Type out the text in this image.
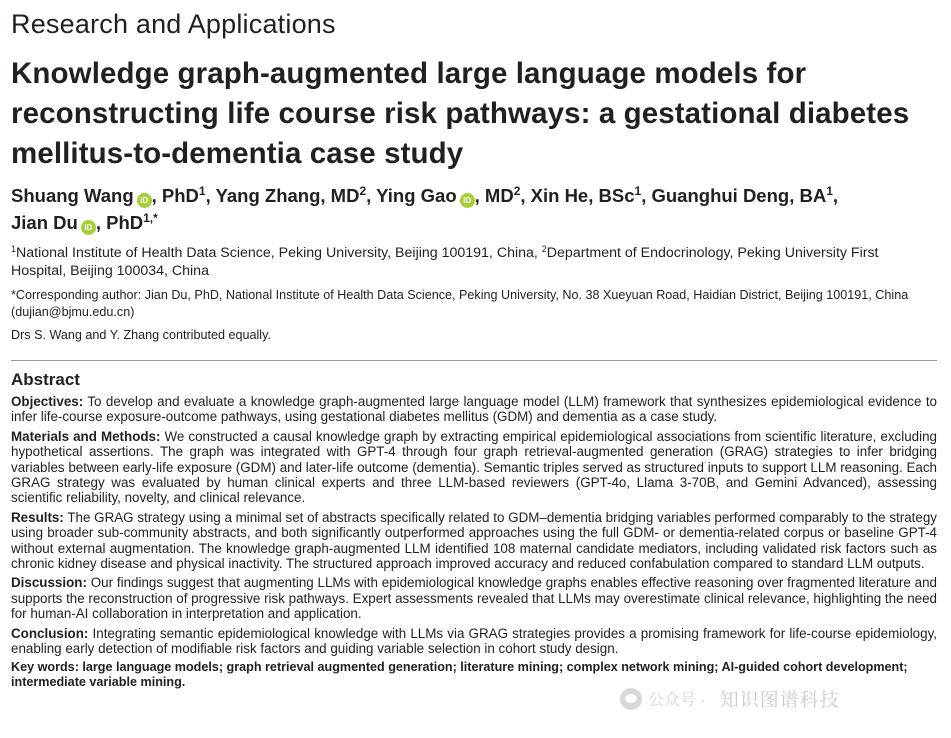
Research and Applications
Knowledge graph-augmented large language models for reconstructing life course risk pathways: a gestational diabetes mellitus-to-dementia case study
Shuang Wang iD , PhD$^1$, Yang Zhang, $MD^2$, Ying Gao iD , $MD^2$, Xin He, BSc$^1$, Guanghui Deng, $BA^1$,
Jian Du iD , PhD$^{1,*}$
$^1$National Institute of Health Data Science, Peking University, Beijing 100191, China, $^2$Department of Endocrinology, Peking University First Hospital, Beijing 100034, China
*Corresponding author: Jian Du, PhD, National Institute of Health Data Science, Peking University, No. 38 Xueyuan Road, Haidian District, Beijing 100191, China (dujian@bjmu.edu.cn)
Drs S. Wang and Y. Zhang contributed equally.
Abstract

Objectives: To develop and evaluate a knowledge graph-augmented large language model (LLM) framework that synthesizes epidemiological evidence to infer life-course exposure-outcome pathways, using gestational diabetes mellitus (GDM) and dementia as a case study.

Materials and Methods: We constructed a causal knowledge graph by extracting empirical epidemiological associations from scientific literature, excluding hypothetical assertions. The graph was integrated with GPT-4 through four graph retrieval-augmented generation (GRAG) strategies to infer bridging variables between early-life exposure (GDM) and later-life outcome (dementia). Semantic triples served as structured inputs to support LLM reasoning. Each GRAG strategy was evaluated by human clinical experts and three LLM-based reviewers (GPT-4o, Llama 3-70B, and Gemini Advanced), assessing scientific reliability, novelty, and clinical relevance.

Results: The GRAG strategy using a minimal set of abstracts specifically related to GDM–dementia bridging variables performed comparably to the strategy using broader sub-community abstracts, and both significantly outperformed approaches using the full GDM- or dementia-related corpus or baseline GPT-4 without external augmentation. The knowledge graph-augmented LLM identified 108 maternal candidate mediators, including validated risk factors such as chronic kidney disease and physical inactivity. The structured approach improved accuracy and reduced confabulation compared to standard LLM outputs.

Discussion: Our findings suggest that augmenting LLMs with epidemiological knowledge graphs enables effective reasoning over fragmented literature and supports the reconstruction of progressive risk pathways. Expert assessments revealed that LLMs may overestimate clinical relevance, highlighting the need for human-AI collaboration in interpretation and application.

Conclusion: Integrating semantic epidemiological knowledge with LLMs via GRAG strategies provides a promising framework for life-course epidemiology, enabling early detection of modifiable risk factors and guiding variable selection in cohort study design.

Key words: large language models; graph retrieval augmented generation; literature mining; complex network mining; AI-guided cohort development; intermediate variable mining.

公众号 · 知识图谱科技
